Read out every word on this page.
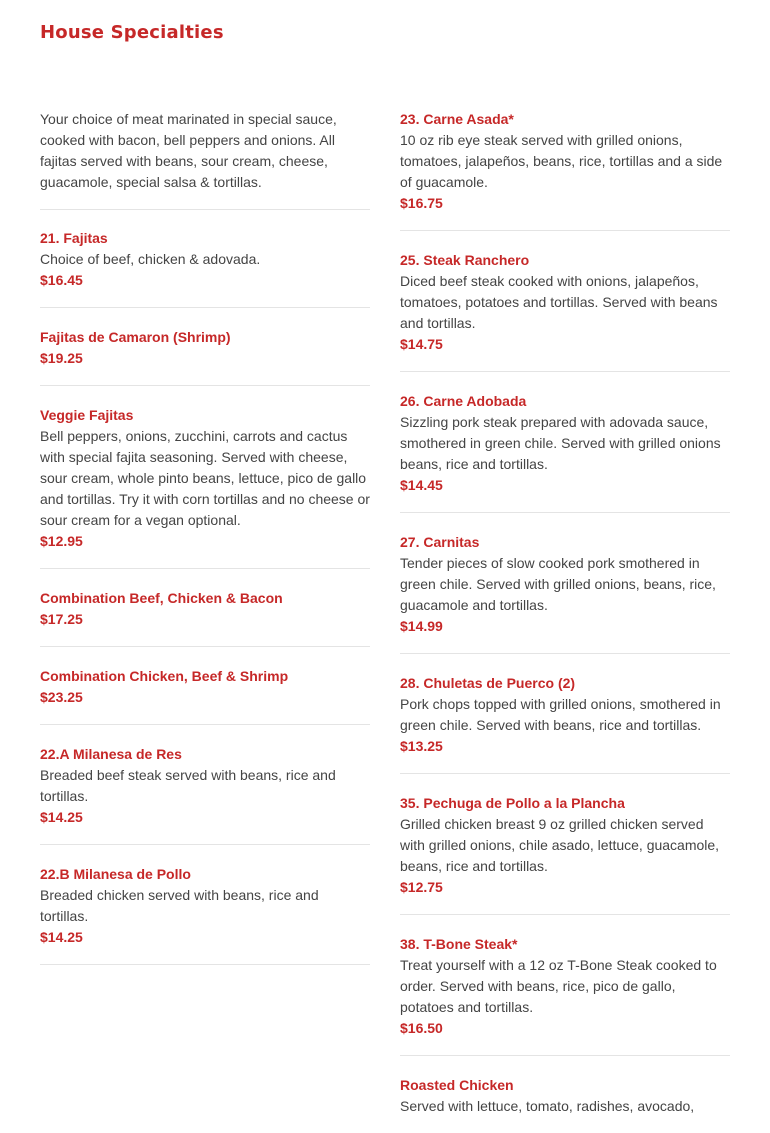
House Specialties

Your choice of meat marinated in special sauce, cooked with bacon, bell peppers and onions. All fajitas served with beans, sour cream, cheese, guacamole, special salsa & tortillas.

21. Fajitas
Choice of beef, chicken & adovada.
$16.45
Fajitas de Camaron (Shrimp)
$19.25
Veggie Fajitas
Bell peppers, onions, zucchini, carrots and cactus with special fajita seasoning. Served with cheese, sour cream, whole pinto beans, lettuce, pico de gallo and tortillas. Try it with corn tortillas and no cheese or sour cream for a vegan optional.
$12.95
Combination Beef, Chicken & Bacon
$17.25
Combination Chicken, Beef & Shrimp
$23.25
22.A Milanesa de Res
Breaded beef steak served with beans, rice and tortillas.
$14.25
22.B Milanesa de Pollo
Breaded chicken served with beans, rice and tortillas.
$14.25
23. Carne Asada*
10 oz rib eye steak served with grilled onions, tomatoes, jalapeños, beans, rice, tortillas and a side of guacamole.
$16.75
25. Steak Ranchero
Diced beef steak cooked with onions, jalapeños, tomatoes, potatoes and tortillas. Served with beans and tortillas.
$14.75
26. Carne Adobada
Sizzling pork steak prepared with adovada sauce, smothered in green chile. Served with grilled onions beans, rice and tortillas.
$14.45
27. Carnitas
Tender pieces of slow cooked pork smothered in green chile. Served with grilled onions, beans, rice, guacamole and tortillas.
$14.99
28. Chuletas de Puerco (2)
Pork chops topped with grilled onions, smothered in green chile. Served with beans, rice and tortillas.
$13.25
35. Pechuga de Pollo a la Plancha
Grilled chicken breast 9 oz grilled chicken served with grilled onions, chile asado, lettuce, guacamole, beans, rice and tortillas.
$12.75
38. T-Bone Steak*
Treat yourself with a 12 oz T-Bone Steak cooked to order. Served with beans, rice, pico de gallo, potatoes and tortillas.
$16.50
Roasted Chicken
Served with lettuce, tomato, radishes, avocado,
